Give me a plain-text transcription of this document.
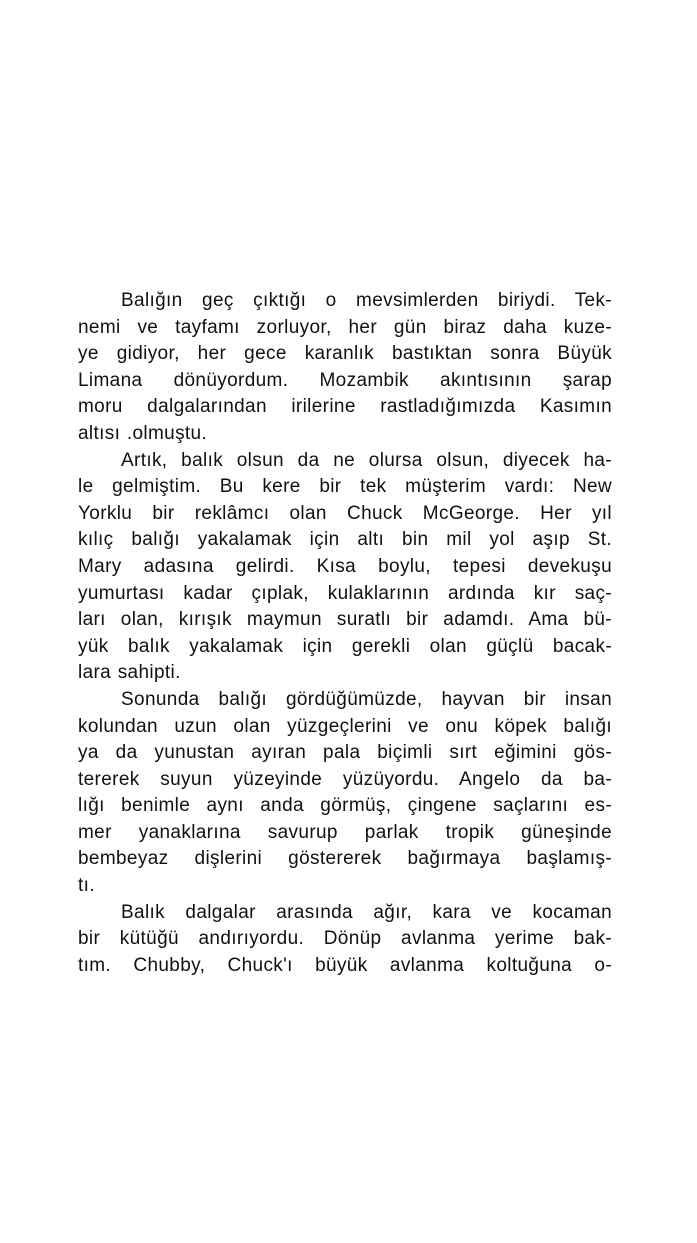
Balığın geç çıktığı o mevsimlerden biriydi. Tek-
nemi ve tayfamı zorluyor, her gün biraz daha kuze-
ye gidiyor, her gece karanlık bastıktan sonra Büyük
Limana dönüyordum. Mozambik akıntısının şarap
moru dalgalarından irilerine rastladığımızda Kasımın
altısı .olmuştu.
Artık, balık olsun da ne olursa olsun, diyecek ha-
le gelmiştim. Bu kere bir tek müşterim vardı: New
Yorklu bir reklâmcı olan Chuck McGeorge. Her yıl
kılıç balığı yakalamak için altı bin mil yol aşıp St.
Mary adasına gelirdi. Kısa boylu, tepesi devekuşu
yumurtası kadar çıplak, kulaklarının ardında kır saç-
ları olan, kırışık maymun suratlı bir adamdı. Ama bü-
yük balık yakalamak için gerekli olan güçlü bacak-
lara sahipti.
Sonunda balığı gördüğümüzde, hayvan bir insan
kolundan uzun olan yüzgeçlerini ve onu köpek balığı
ya da yunustan ayıran pala biçimli sırt eğimini gös-
tererek suyun yüzeyinde yüzüyordu. Angelo da ba-
lığı benimle aynı anda görmüş, çingene saçlarını es-
mer yanaklarına savurup parlak tropik güneşinde
bembeyaz dişlerini göstererek bağırmaya başlamış-
tı.
Balık dalgalar arasında ağır, kara ve kocaman
bir kütüğü andırıyordu. Dönüp avlanma yerime bak-
tım. Chubby, Chuck'ı büyük avlanma koltuğuna o-
